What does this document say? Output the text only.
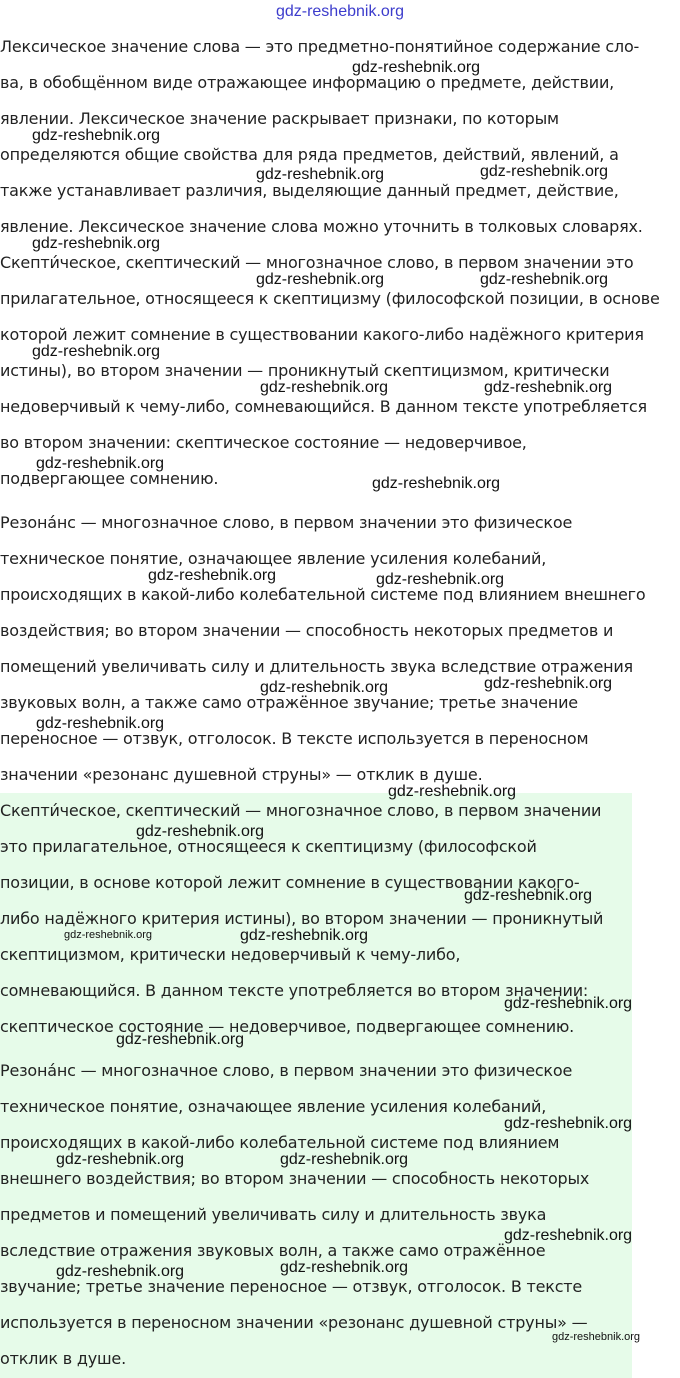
gdz-reshebnik.org
Лексическое значение слова — это предметно-понятийное содержание сло-
ва, в обобщённом виде отражающее информацию о предмете, действии,
явлении. Лексическое значение раскрывает признаки, по которым
определяются общие свойства для ряда предметов, действий, явлений, а
также устанавливает различия, выделяющие данный предмет, действие,
явление. Лексическое значение слова можно уточнить в толковых словарях.
Скепти́ческое, скептический — многозначное слово, в первом значении это
прилагательное, относящееся к скептицизму (философской позиции, в основе
которой лежит сомнение в существовании какого-либо надёжного критерия
истины), во втором значении — проникнутый скептицизмом, критически
недоверчивый к чему-либо, сомневающийся. В данном тексте употребляется
во втором значении: скептическое состояние — недоверчивое,
подвергающее сомнению.
Резона́нс — многозначное слово, в первом значении это физическое
техническое понятие, означающее явление усиления колебаний,
происходящих в какой-либо колебательной системе под влиянием внешнего
воздействия; во втором значении — способность некоторых предметов и
помещений увеличивать силу и длительность звука вследствие отражения
звуковых волн, а также само отражённое звучание; третье значение
переносное — отзвук, отголосок. В тексте используется в переносном
значении «резонанс душевной струны» — отклик в душе.
Скепти́ческое, скептический — многозначное слово, в первом значении
это прилагательное, относящееся к скептицизму (философской
позиции, в основе которой лежит сомнение в существовании какого-
либо надёжного критерия истины), во втором значении — проникнутый
скептицизмом, критически недоверчивый к чему-либо,
сомневающийся. В данном тексте употребляется во втором значении:
скептическое состояние — недоверчивое, подвергающее сомнению.
Резона́нс — многозначное слово, в первом значении это физическое
техническое понятие, означающее явление усиления колебаний,
происходящих в какой-либо колебательной системе под влиянием
внешнего воздействия; во втором значении — способность некоторых
предметов и помещений увеличивать силу и длительность звука
вследствие отражения звуковых волн, а также само отражённое
звучание; третье значение переносное — отзвук, отголосок. В тексте
используется в переносном значении «резонанс душевной струны» —
отклик в душе.
gdz-reshebnik.org
gdz-reshebnik.org
gdz-reshebnik.org	gdz-reshebnik.org
gdz-reshebnik.org
gdz-reshebnik.org	gdz-reshebnik.org
gdz-reshebnik.org
gdz-reshebnik.org	gdz-reshebnik.org
gdz-reshebnik.org
gdz-reshebnik.org
gdz-reshebnik.org	gdz-reshebnik.org
gdz-reshebnik.org	gdz-reshebnik.org
gdz-reshebnik.org
gdz-reshebnik.org
gdz-reshebnik.org
gdz-reshebnik.org
gdz-reshebnik.org	gdz-reshebnik.org
gdz-reshebnik.org
gdz-reshebnik.org
gdz-reshebnik.org
gdz-reshebnik.org	gdz-reshebnik.org
gdz-reshebnik.org
gdz-reshebnik.org	gdz-reshebnik.org
gdz-reshebnik.org
